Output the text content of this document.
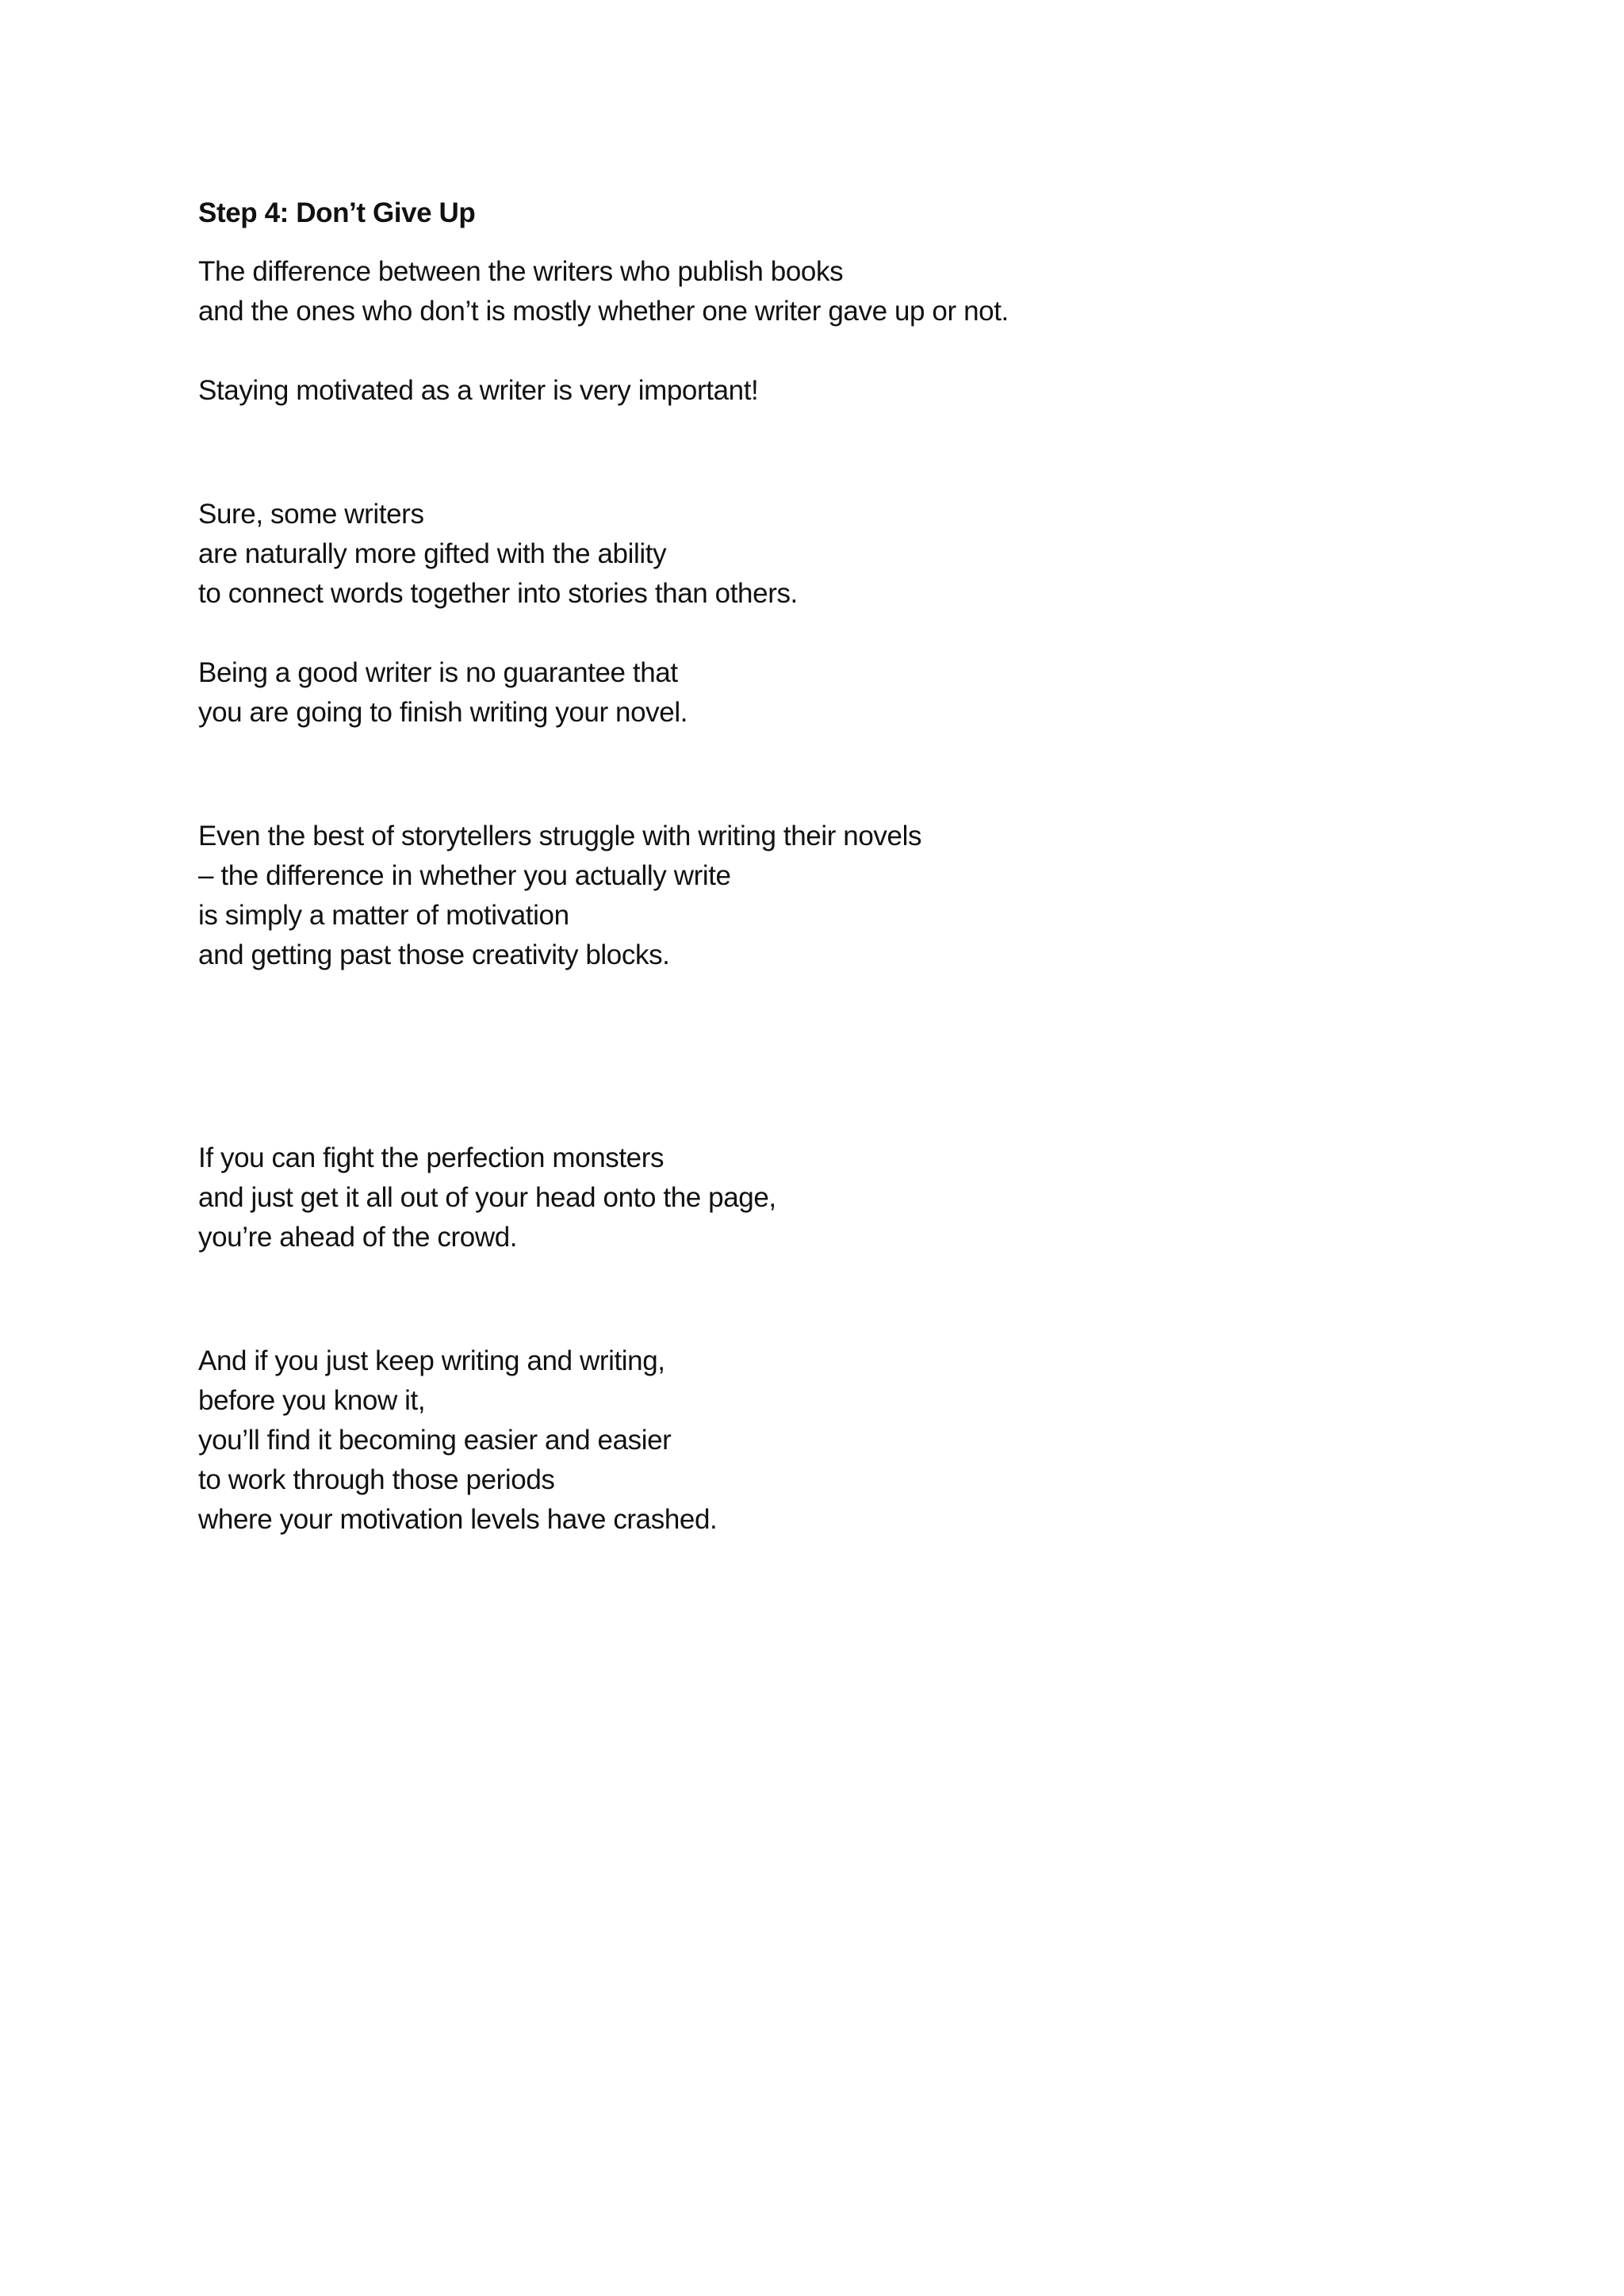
Step 4: Don’t Give Up
The difference between the writers who publish books
and the ones who don’t is mostly whether one writer gave up or not.
Staying motivated as a writer is very important!
Sure, some writers
are naturally more gifted with the ability
to connect words together into stories than others.
Being a good writer is no guarantee that
you are going to finish writing your novel.
Even the best of storytellers struggle with writing their novels
– the difference in whether you actually write
is simply a matter of motivation
and getting past those creativity blocks.
If you can fight the perfection monsters
and just get it all out of your head onto the page,
you’re ahead of the crowd.
And if you just keep writing and writing,
before you know it,
you’ll find it becoming easier and easier
to work through those periods
where your motivation levels have crashed.
